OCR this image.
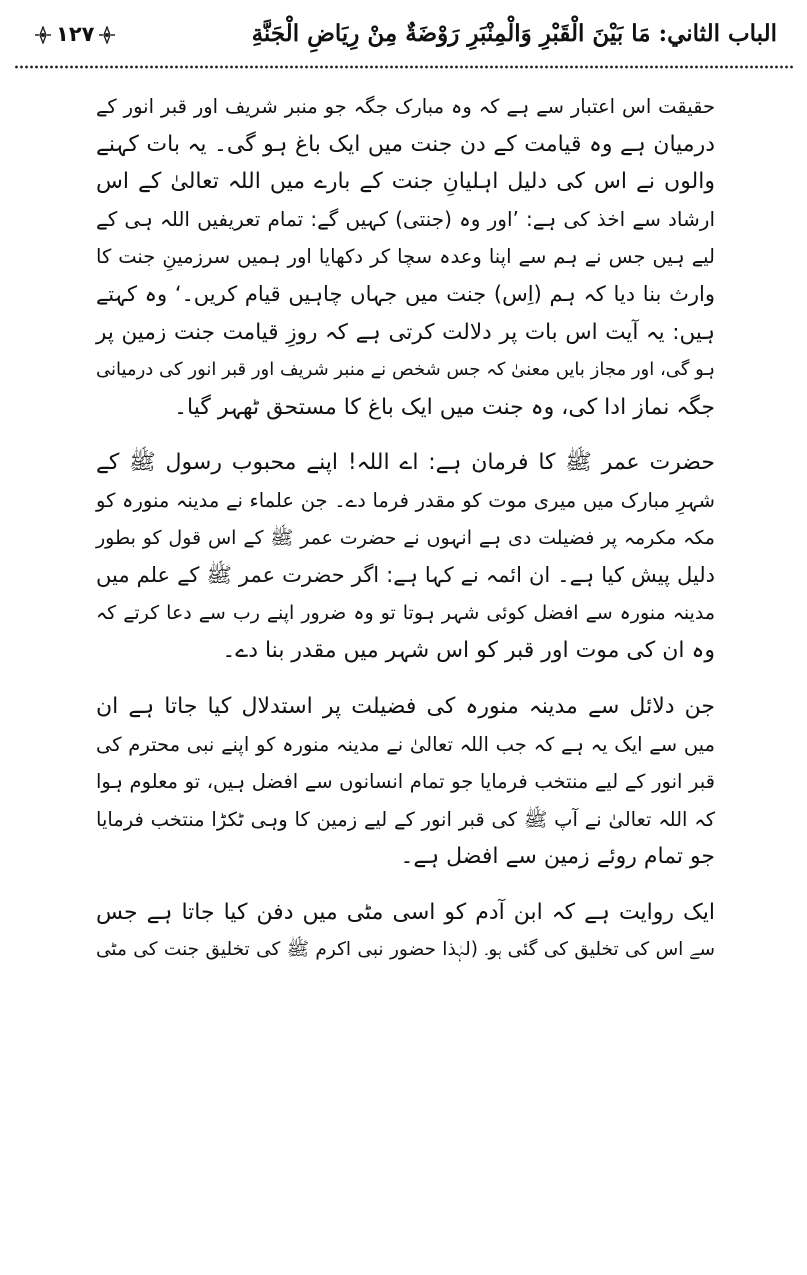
الباب الثاني: مَا بَيْنَ الْقَبْرِ وَالْمِنْبَرِ رَوْضَةٌ مِنْ رِيَاضِ الْجَنَّةِ
١٢٧
حقیقت اس اعتبار سے ہے کہ وہ مبارک جگہ جو منبر شریف اور قبر انور کے
درمیان ہے وہ قیامت کے دن جنت میں ایک باغ ہو گی۔ یہ بات کہنے
والوں نے اس کی دلیل اہلیانِ جنت کے بارے میں اللہ تعالیٰ کے اس
ارشاد سے اخذ کی ہے: ’اور وہ (جنتی) کہیں گے: تمام تعریفیں اللہ ہی کے
لیے ہیں جس نے ہم سے اپنا وعدہ سچا کر دکھایا اور ہمیں سرزمینِ جنت کا
وارث بنا دیا کہ ہم (اِس) جنت میں جہاں چاہیں قیام کریں۔‘ وہ کہتے
ہیں: یہ آیت اس بات پر دلالت کرتی ہے کہ روزِ قیامت جنت زمین پر
ہو گی، اور مجاز بایں معنیٰ کہ جس شخص نے منبر شریف اور قبر انور کی درمیانی
جگہ نماز ادا کی، وہ جنت میں ایک باغ کا مستحق ٹھہر گیا۔
حضرت عمر ﷺ کا فرمان ہے: اے اللہ! اپنے محبوب رسول ﷺ کے
شہرِ مبارک میں میری موت کو مقدر فرما دے۔ جن علماء نے مدینہ منورہ کو
مکہ مکرمہ پر فضیلت دی ہے انہوں نے حضرت عمر ﷺ کے اس قول کو بطور
دلیل پیش کیا ہے۔ ان ائمہ نے کہا ہے: اگر حضرت عمر ﷺ کے علم میں
مدینہ منورہ سے افضل کوئی شہر ہوتا تو وہ ضرور اپنے رب سے دعا کرتے کہ
وہ ان کی موت اور قبر کو اس شہر میں مقدر بنا دے۔
جن دلائل سے مدینہ منورہ کی فضیلت پر استدلال کیا جاتا ہے ان
میں سے ایک یہ ہے کہ جب اللہ تعالیٰ نے مدینہ منورہ کو اپنے نبی محترم کی
قبر انور کے لیے منتخب فرمایا جو تمام انسانوں سے افضل ہیں، تو معلوم ہوا
کہ اللہ تعالیٰ نے آپ ﷺ کی قبر انور کے لیے زمین کا وہی ٹکڑا منتخب فرمایا
جو تمام روئے زمین سے افضل ہے۔
ایک روایت ہے کہ ابن آدم کو اسی مٹی میں دفن کیا جاتا ہے جس
سے اس کی تخلیق کی گئی ہو۔ (لہٰذا حضور نبی اکرم ﷺ کی تخلیق جنت کی مٹی
